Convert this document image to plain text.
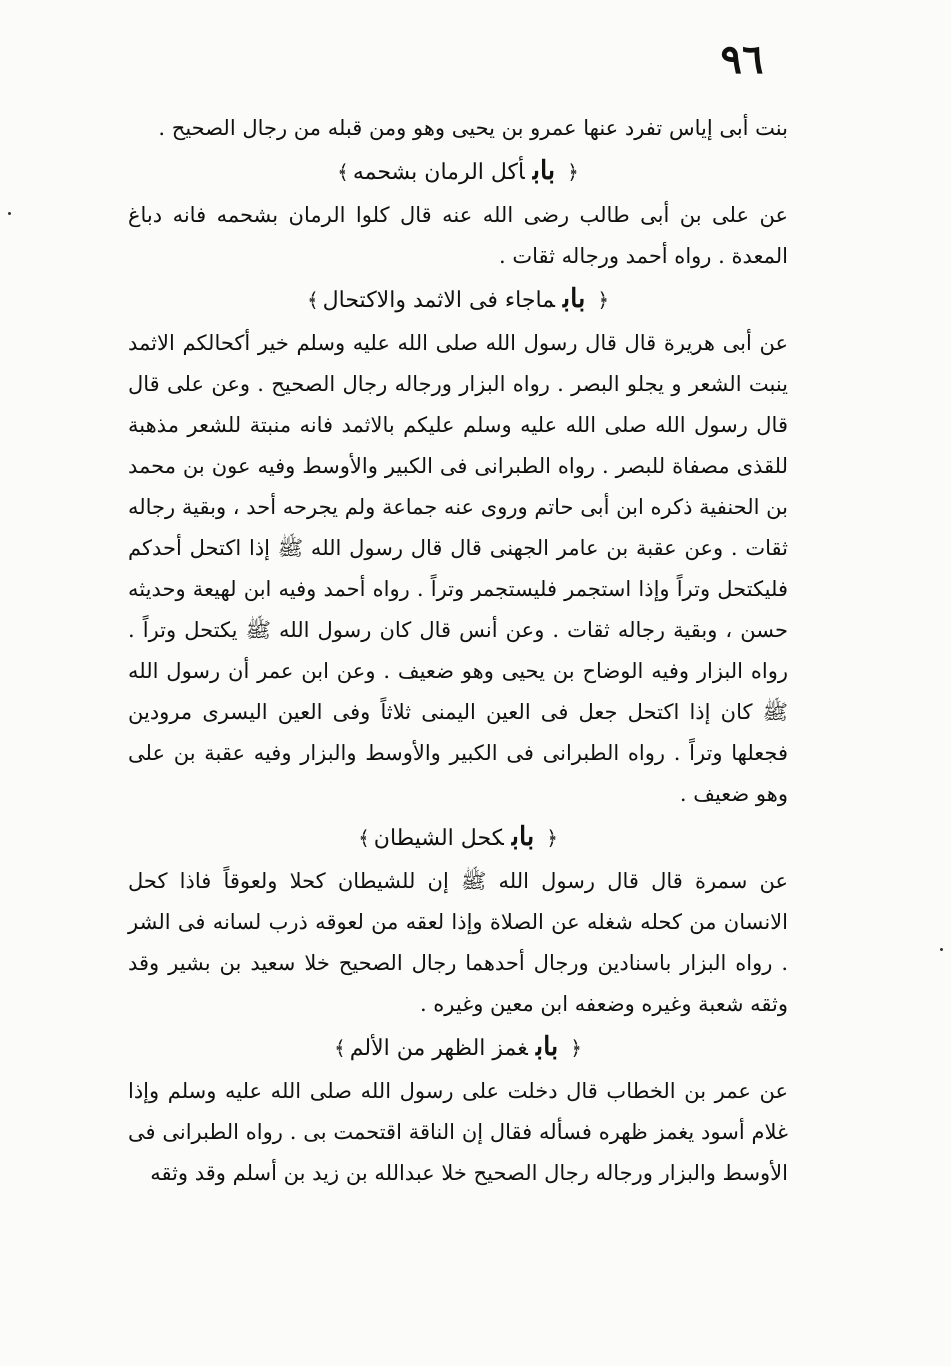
٩٦

بنت أبى إياس تفرد عنها عمرو بن يحيى وهو ومن قبله من رجال الصحيح .

﴿بابأكل الرمان بشحمه﴾

عن على بن أبى طالب رضى الله عنه قال كلوا الرمان بشحمه فانه دباغ المعدة . رواه أحمد ورجاله ثقات .

﴿بابماجاء فى الاثمد والاكتحال﴾

عن أبى هريرة قال قال رسول الله صلى الله عليه وسلم خير أكحالكم الاثمد ينبت الشعر و يجلو البصر . رواه البزار ورجاله رجال الصحيح . وعن على قال قال رسول الله صلى الله عليه وسلم عليكم بالاثمد فانه منبتة للشعر مذهبة للقذى مصفاة للبصر . رواه الطبرانى فى الكبير والأوسط وفيه عون بن محمد بن الحنفية ذكره ابن أبى حاتم وروى عنه جماعة ولم يجرحه أحد ، وبقية رجاله ثقات . وعن عقبة بن عامر الجهنى قال قال رسول الله ﷺ إذا اكتحل أحدكم فليكتحل وتراً وإذا استجمر فليستجمر وتراً . رواه أحمد وفيه ابن لهيعة وحديثه حسن ، وبقية رجاله ثقات . وعن أنس قال كان رسول الله ﷺ يكتحل وتراً . رواه البزار وفيه الوضاح بن يحيى وهو ضعيف . وعن ابن عمر أن رسول الله ﷺ كان إذا اكتحل جعل فى العين اليمنى ثلاثاً وفى العين اليسرى مرودين فجعلها وتراً . رواه الطبرانى فى الكبير والأوسط والبزار وفيه عقبة بن على وهو ضعيف .

﴿بابكحل الشيطان﴾

عن سمرة قال قال رسول الله ﷺ إن للشيطان كحلا ولعوقاً فاذا كحل الانسان من كحله شغله عن الصلاة وإذا لعقه من لعوقه ذرب لسانه فى الشر . رواه البزار باسنادين ورجال أحدهما رجال الصحيح خلا سعيد بن بشير وقد وثقه شعبة وغيره وضعفه ابن معين وغيره .

﴿بابغمز الظهر من الألم﴾

عن عمر بن الخطاب قال دخلت على رسول الله صلى الله عليه وسلم وإذا غلام أسود يغمز ظهره فسأله فقال إن الناقة اقتحمت بى . رواه الطبرانى فى الأوسط والبزار ورجاله رجال الصحيح خلا عبدالله بن زيد بن أسلم وقد وثقه
